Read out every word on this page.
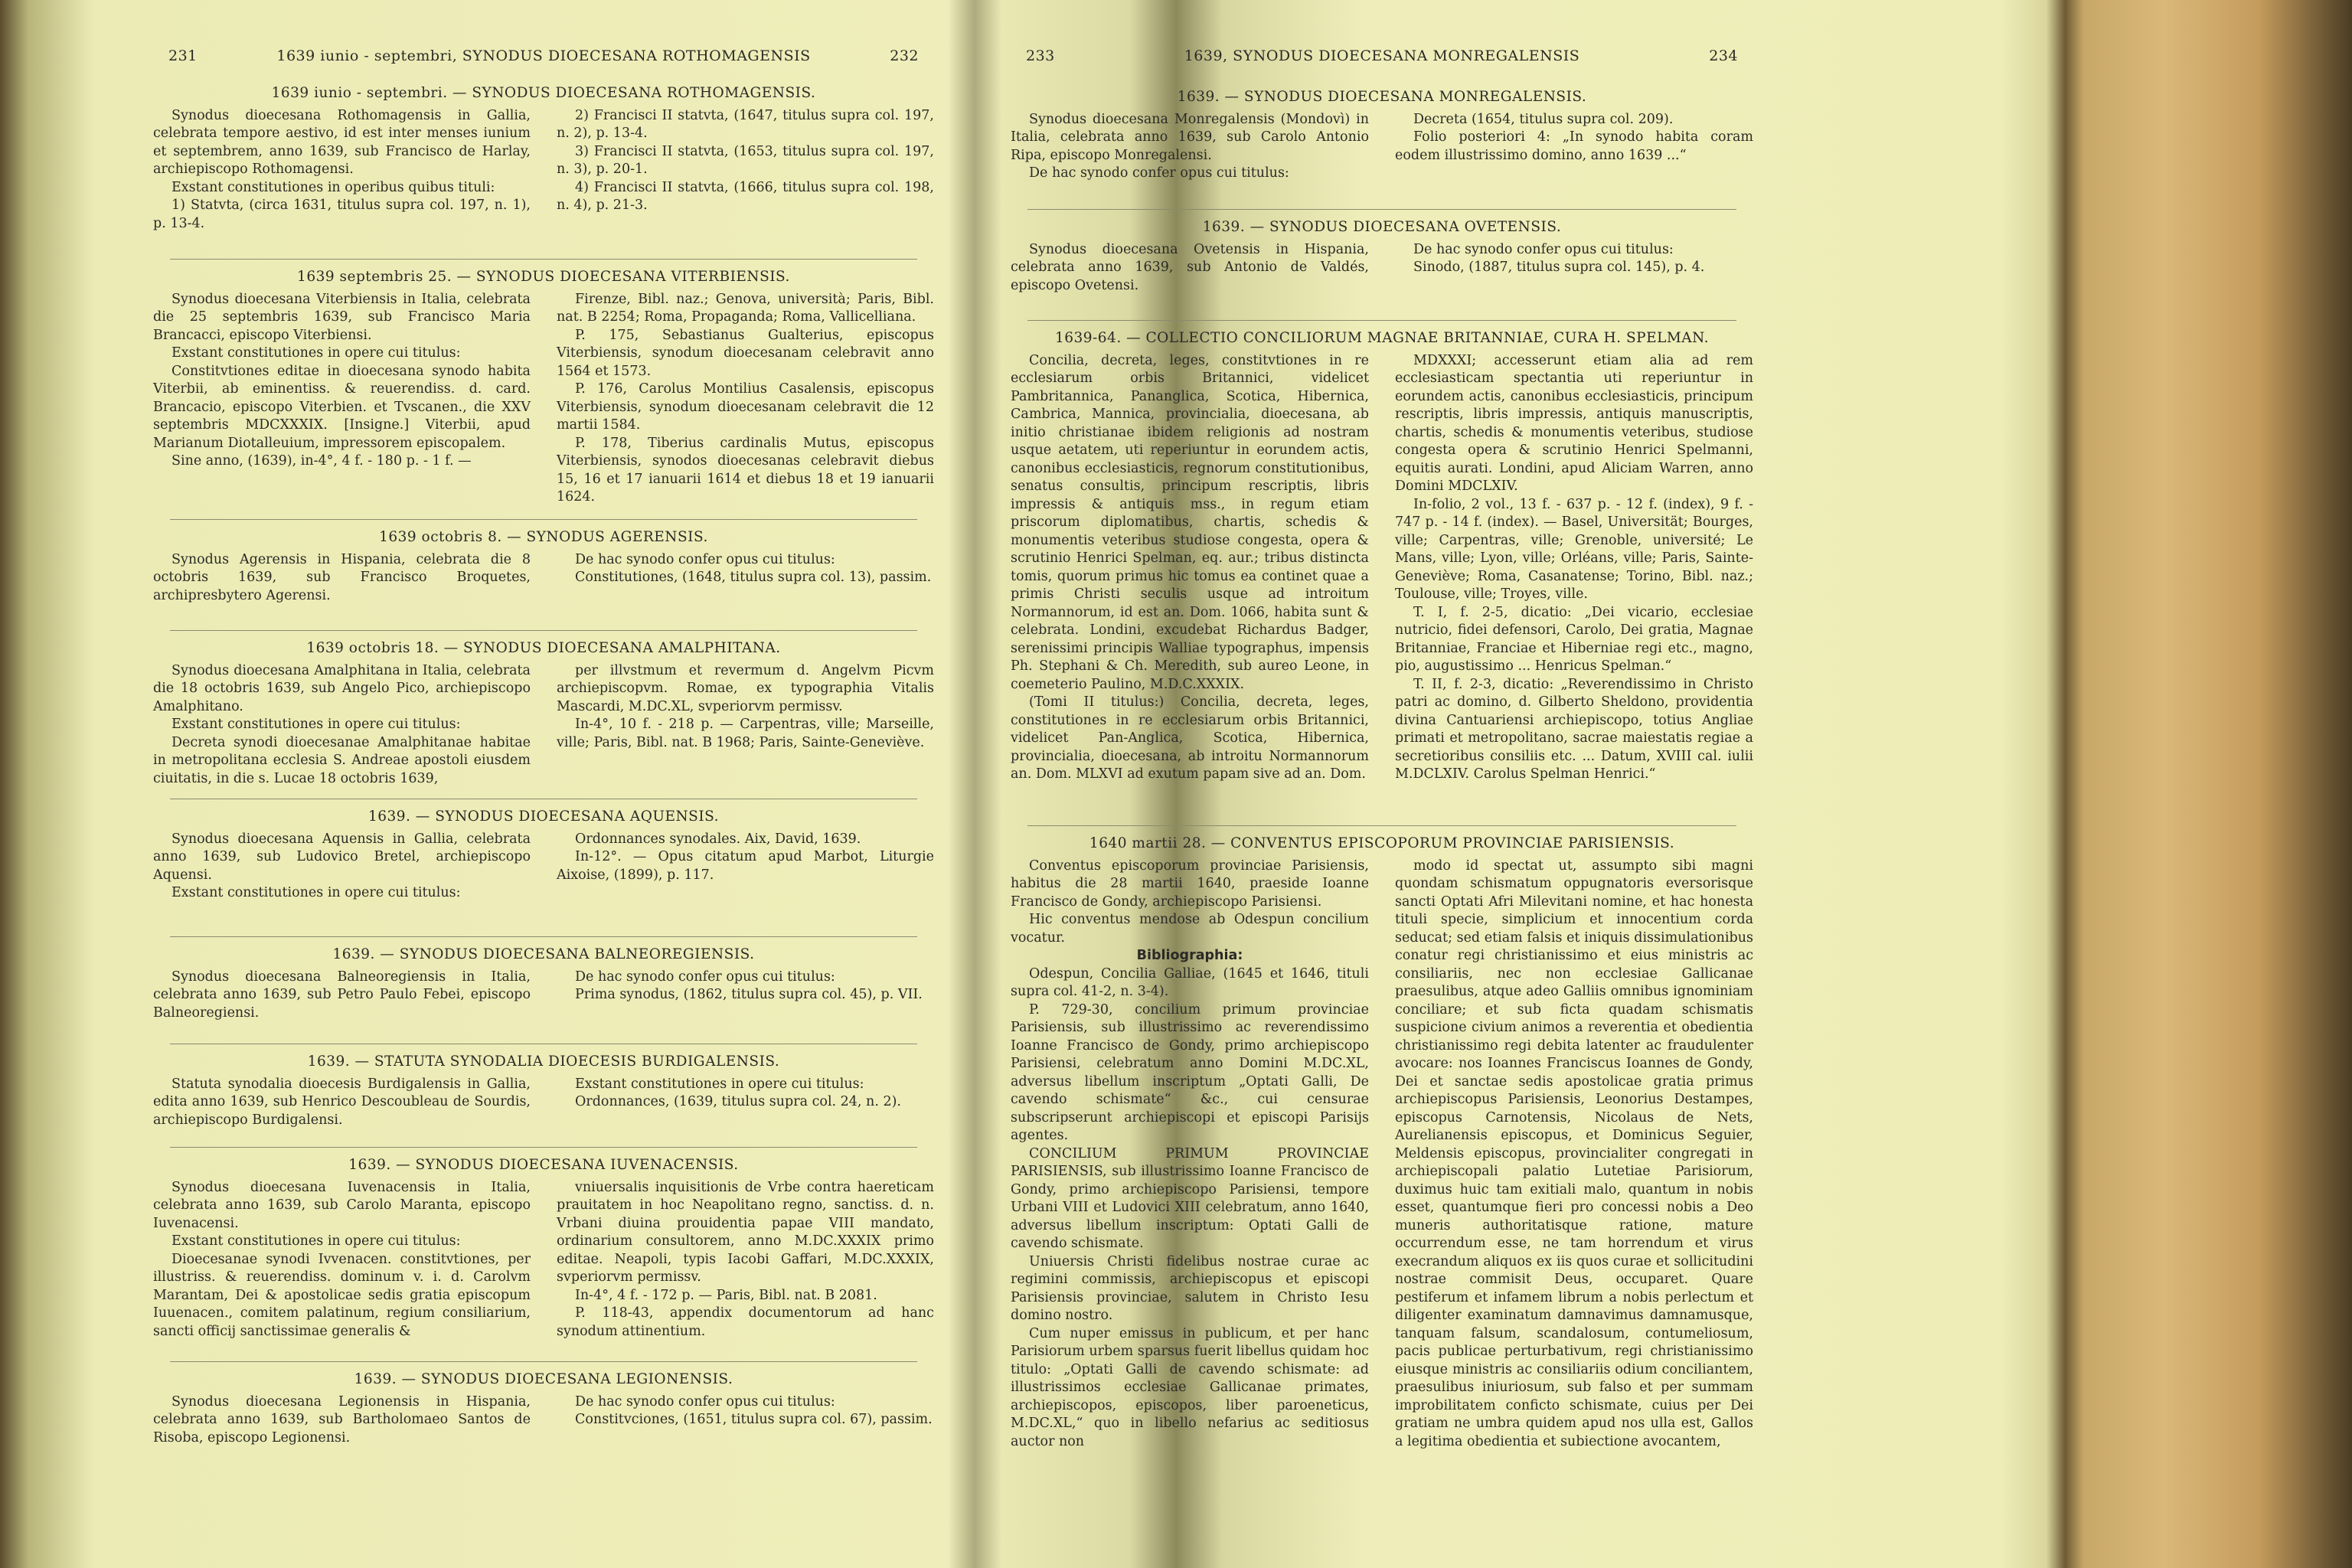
231	1639 iunio - septembri, SYNODUS DIOECESANA ROTHOMAGENSIS	232
1639 iunio - septembri. — SYNODUS DIOECESANA ROTHOMAGENSIS.

Synodus dioecesana Rothomagensis in Gallia, celebrata tempore aestivo, id est inter menses iunium et septembrem, anno 1639, sub Francisco de Harlay, archiepiscopo Rothomagensi.

Exstant constitutiones in operibus quibus tituli:

1) Statvta, (circa 1631, titulus supra col. 197, n. 1), p. 13-4.

2) Francisci II statvta, (1647, titulus supra col. 197, n. 2), p. 13-4.

3) Francisci II statvta, (1653, titulus supra col. 197, n. 3), p. 20-1.

4) Francisci II statvta, (1666, titulus supra col. 198, n. 4), p. 21-3.

1639 septembris 25. — SYNODUS DIOECESANA VITERBIENSIS.

Synodus dioecesana Viterbiensis in Italia, celebrata die 25 septembris 1639, sub Francisco Maria Brancacci, episcopo Viterbiensi.

Exstant constitutiones in opere cui titulus:

Constitvtiones editae in dioecesana synodo habita Viterbii, ab eminentiss. & reuerendiss. d. card. Brancacio, episcopo Viterbien. et Tvscanen., die XXV septembris MDCXXXIX. [Insigne.] Viterbii, apud Marianum Diotalleuium, impressorem episcopalem.

Sine anno, (1639), in-4°, 4 f. - 180 p. - 1 f. —

Firenze, Bibl. naz.; Genova, università; Paris, Bibl. nat. B 2254; Roma, Propaganda; Roma, Vallicelliana.

P. 175, Sebastianus Gualterius, episcopus Viterbiensis, synodum dioecesanam celebravit anno 1564 et 1573.

P. 176, Carolus Montilius Casalensis, episcopus Viterbiensis, synodum dioecesanam celebravit die 12 martii 1584.

P. 178, Tiberius cardinalis Mutus, episcopus Viterbiensis, synodos dioecesanas celebravit diebus 15, 16 et 17 ianuarii 1614 et diebus 18 et 19 ianuarii 1624.

1639 octobris 8. — SYNODUS AGERENSIS.

Synodus Agerensis in Hispania, celebrata die 8 octobris 1639, sub Francisco Broquetes, archipresbytero Agerensi.

De hac synodo confer opus cui titulus:

Constitutiones, (1648, titulus supra col. 13), passim.

1639 octobris 18. — SYNODUS DIOECESANA AMALPHITANA.

Synodus dioecesana Amalphitana in Italia, celebrata die 18 octobris 1639, sub Angelo Pico, archiepiscopo Amalphitano.

Exstant constitutiones in opere cui titulus:

Decreta synodi dioecesanae Amalphitanae habitae in metropolitana ecclesia S. Andreae apostoli eiusdem ciuitatis, in die s. Lucae 18 octobris 1639,

per illvstmum et revermum d. Angelvm Picvm archiepiscopvm. Romae, ex typographia Vitalis Mascardi, M.DC.XL, svperiorvm permissv.

In-4°, 10 f. - 218 p. — Carpentras, ville; Marseille, ville; Paris, Bibl. nat. B 1968; Paris, Sainte-Geneviève.

1639. — SYNODUS DIOECESANA AQUENSIS.

Synodus dioecesana Aquensis in Gallia, celebrata anno 1639, sub Ludovico Bretel, archiepiscopo Aquensi.

Exstant constitutiones in opere cui titulus:

Ordonnances synodales. Aix, David, 1639.

In-12°. — Opus citatum apud Marbot, Liturgie Aixoise, (1899), p. 117.

1639. — SYNODUS DIOECESANA BALNEOREGIENSIS.

Synodus dioecesana Balneoregiensis in Italia, celebrata anno 1639, sub Petro Paulo Febei, episcopo Balneoregiensi.

De hac synodo confer opus cui titulus:

Prima synodus, (1862, titulus supra col. 45), p. VII.

1639. — STATUTA SYNODALIA DIOECESIS BURDIGALENSIS.

Statuta synodalia dioecesis Burdigalensis in Gallia, edita anno 1639, sub Henrico Descoubleau de Sourdis, archiepiscopo Burdigalensi.

Exstant constitutiones in opere cui titulus:

Ordonnances, (1639, titulus supra col. 24, n. 2).

1639. — SYNODUS DIOECESANA IUVENACENSIS.

Synodus dioecesana Iuvenacensis in Italia, celebrata anno 1639, sub Carolo Maranta, episcopo Iuvenacensi.

Exstant constitutiones in opere cui titulus:

Dioecesanae synodi Ivvenacen. constitvtiones, per illustriss. & reuerendiss. dominum v. i. d. Carolvm Marantam, Dei & apostolicae sedis gratia episcopum Iuuenacen., comitem palatinum, regium consiliarium, sancti officij sanctissimae generalis &

vniuersalis inquisitionis de Vrbe contra haereticam prauitatem in hoc Neapolitano regno, sanctiss. d. n. Vrbani diuina prouidentia papae VIII mandato, ordinarium consultorem, anno M.DC.XXXIX primo editae. Neapoli, typis Iacobi Gaffari, M.DC.XXXIX, svperiorvm permissv.

In-4°, 4 f. - 172 p. — Paris, Bibl. nat. B 2081.

P. 118-43, appendix documentorum ad hanc synodum attinentium.

1639. — SYNODUS DIOECESANA LEGIONENSIS.

Synodus dioecesana Legionensis in Hispania, celebrata anno 1639, sub Bartholomaeo Santos de Risoba, episcopo Legionensi.

De hac synodo confer opus cui titulus:

Constitvciones, (1651, titulus supra col. 67), passim.

233	1639, SYNODUS DIOECESANA MONREGALENSIS	234
1639. — SYNODUS DIOECESANA MONREGALENSIS.

Synodus dioecesana Monregalensis (Mondovì) in Italia, celebrata anno 1639, sub Carolo Antonio Ripa, episcopo Monregalensi.

De hac synodo confer opus cui titulus:

Decreta (1654, titulus supra col. 209).

Folio posteriori 4: „In synodo habita coram eodem illustrissimo domino, anno 1639 ...“

1639. — SYNODUS DIOECESANA OVETENSIS.

Synodus dioecesana Ovetensis in Hispania, celebrata anno 1639, sub Antonio de Valdés, episcopo Ovetensi.

De hac synodo confer opus cui titulus:

Sinodo, (1887, titulus supra col. 145), p. 4.

1639-64. — COLLECTIO CONCILIORUM MAGNAE BRITANNIAE, CURA H. SPELMAN.

Concilia, decreta, leges, constitvtiones in re ecclesiarum orbis Britannici, videlicet Pambritannica, Pananglica, Scotica, Hibernica, Cambrica, Mannica, provincialia, dioecesana, ab initio christianae ibidem religionis ad nostram usque aetatem, uti reperiuntur in eorundem actis, canonibus ecclesiasticis, regnorum constitutionibus, senatus consultis, principum rescriptis, libris impressis & antiquis mss., in regum etiam priscorum diplomatibus, chartis, schedis & monumentis veteribus studiose congesta, opera & scrutinio Henrici Spelman, eq. aur.; tribus distincta tomis, quorum primus hic tomus ea continet quae a primis Christi seculis usque ad introitum Normannorum, id est an. Dom. 1066, habita sunt & celebrata. Londini, excudebat Richardus Badger, serenissimi principis Walliae typographus, impensis Ph. Stephani & Ch. Meredith, sub aureo Leone, in coemeterio Paulino, M.D.C.XXXIX.

(Tomi II titulus:) Concilia, decreta, leges, constitutiones in re ecclesiarum orbis Britannici, videlicet Pan-Anglica, Scotica, Hibernica, provincialia, dioecesana, ab introitu Normannorum an. Dom. MLXVI ad exutum papam sive ad an. Dom.

MDXXXI; accesserunt etiam alia ad rem ecclesiasticam spectantia uti reperiuntur in eorundem actis, canonibus ecclesiasticis, principum rescriptis, libris impressis, antiquis manuscriptis, chartis, schedis & monumentis veteribus, studiose congesta opera & scrutinio Henrici Spelmanni, equitis aurati. Londini, apud Aliciam Warren, anno Domini MDCLXIV.

In-folio, 2 vol., 13 f. - 637 p. - 12 f. (index), 9 f. - 747 p. - 14 f. (index). — Basel, Universität; Bourges, ville; Carpentras, ville; Grenoble, université; Le Mans, ville; Lyon, ville; Orléans, ville; Paris, Sainte-Geneviève; Roma, Casanatense; Torino, Bibl. naz.; Toulouse, ville; Troyes, ville.

T. I, f. 2-5, dicatio: „Dei vicario, ecclesiae nutricio, fidei defensori, Carolo, Dei gratia, Magnae Britanniae, Franciae et Hiberniae regi etc., magno, pio, augustissimo ... Henricus Spelman.“

T. II, f. 2-3, dicatio: „Reverendissimo in Christo patri ac domino, d. Gilberto Sheldono, providentia divina Cantuariensi archiepiscopo, totius Angliae primati et metropolitano, sacrae maiestatis regiae a secretioribus consiliis etc. ... Datum, XVIII cal. iulii M.DCLXIV. Carolus Spelman Henrici.“

1640 martii 28. — CONVENTUS EPISCOPORUM PROVINCIAE PARISIENSIS.

Conventus episcoporum provinciae Parisiensis, habitus die 28 martii 1640, praeside Ioanne Francisco de Gondy, archiepiscopo Parisiensi.

Hic conventus mendose ab Odespun concilium vocatur.

Bibliographia:

Odespun, Concilia Galliae, (1645 et 1646, tituli supra col. 41-2, n. 3-4).

P. 729-30, concilium primum provinciae Parisiensis, sub illustrissimo ac reverendissimo Ioanne Francisco de Gondy, primo archiepiscopo Parisiensi, celebratum anno Domini M.DC.XL, adversus libellum inscriptum „Optati Galli, De cavendo schismate“ &c., cui censurae subscripserunt archiepiscopi et episcopi Parisijs agentes.

CONCILIUM PRIMUM PROVINCIAE PARISIENSIS, sub illustrissimo Ioanne Francisco de Gondy, primo archiepiscopo Parisiensi, tempore Urbani VIII et Ludovici XIII celebratum, anno 1640, adversus libellum inscriptum: Optati Galli de cavendo schismate.

Uniuersis Christi fidelibus nostrae curae ac regimini commissis, archiepiscopus et episcopi Parisiensis provinciae, salutem in Christo Iesu domino nostro.

Cum nuper emissus in publicum, et per hanc Parisiorum urbem sparsus fuerit libellus quidam hoc titulo: „Optati Galli de cavendo schismate: ad illustrissimos ecclesiae Gallicanae primates, archiepiscopos, episcopos, liber paroeneticus, M.DC.XL,“ quo in libello nefarius ac seditiosus auctor non

modo id spectat ut, assumpto sibi magni quondam schismatum oppugnatoris eversorisque sancti Optati Afri Milevitani nomine, et hac honesta tituli specie, simplicium et innocentium corda seducat; sed etiam falsis et iniquis dissimulationibus conatur regi christianissimo et eius ministris ac consiliariis, nec non ecclesiae Gallicanae praesulibus, atque adeo Galliis omnibus ignominiam conciliare; et sub ficta quadam schismatis suspicione civium animos a reverentia et obedientia christianissimo regi debita latenter ac fraudulenter avocare: nos Ioannes Franciscus Ioannes de Gondy, Dei et sanctae sedis apostolicae gratia primus archiepiscopus Parisiensis, Leonorius Destampes, episcopus Carnotensis, Nicolaus de Nets, Aurelianensis episcopus, et Dominicus Seguier, Meldensis episcopus, provincialiter congregati in archiepiscopali palatio Lutetiae Parisiorum, duximus huic tam exitiali malo, quantum in nobis esset, quantumque fieri pro concessi nobis a Deo muneris authoritatisque ratione, mature occurrendum esse, ne tam horrendum et virus execrandum aliquos ex iis quos curae et sollicitudini nostrae commisit Deus, occuparet. Quare pestiferum et infamem librum a nobis perlectum et diligenter examinatum damnavimus damnamusque, tanquam falsum, scandalosum, contumeliosum, pacis publicae perturbativum, regi christianissimo eiusque ministris ac consiliariis odium conciliantem, praesulibus iniuriosum, sub falso et per summam improbilitatem conficto schismate, cuius per Dei gratiam ne umbra quidem apud nos ulla est, Gallos a legitima obedientia et subiectione avocantem,
